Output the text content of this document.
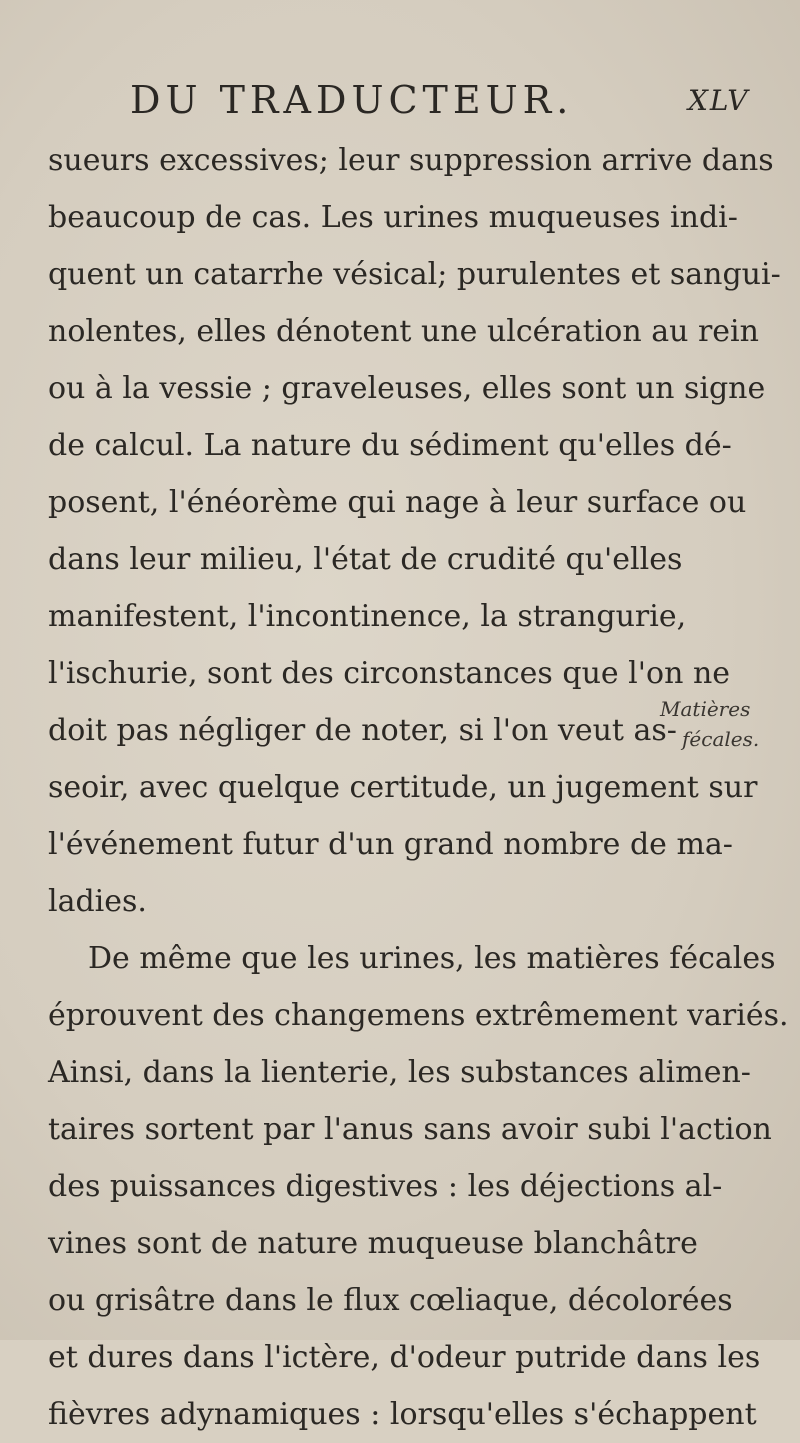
DU TRADUCTEUR.	XLV
sueurs excessives; leur suppression arrive dans
beaucoup de cas. Les urines muqueuses indi-
quent un catarrhe vésical; purulentes et sangui-
nolentes, elles dénotent une ulcération au rein
ou à la vessie ; graveleuses, elles sont un signe
de calcul. La nature du sédiment qu'elles dé-
posent, l'énéorème qui nage à leur surface ou
dans leur milieu, l'état de crudité qu'elles
manifestent, l'incontinence, la strangurie,
l'ischurie, sont des circonstances que l'on ne
doit pas négliger de noter, si l'on veut as-
seoir, avec quelque certitude, un jugement sur
l'événement futur d'un grand nombre de ma-
ladies.
De même que les urines, les matières fécales
éprouvent des changemens extrêmement variés.
Ainsi, dans la lienterie, les substances alimen-
taires sortent par l'anus sans avoir subi l'action
des puissances digestives : les déjections al-
vines sont de nature muqueuse blanchâtre
ou grisâtre dans le flux cœliaque, décolorées
et dures dans l'ictère, d'odeur putride dans les
fièvres adynamiques : lorsqu'elles s'échappent
Matières
fécales.
